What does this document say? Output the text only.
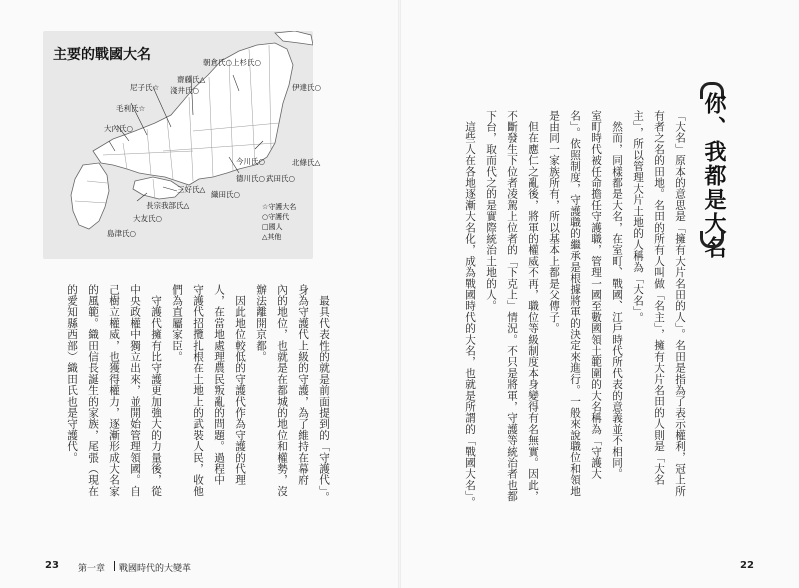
主要的戰國大名	朝倉氏○ 上杉氏○
齋藤氏△
淺井氏○
尼子氏☆	伊達氏○
毛利氏☆
大內氏○
今川氏○	北條氏△
德川氏○ 武田氏○
三好氏△
織田氏○
長宗我部氏△
大友氏○
島津氏○
☆守護大名
○守護代
□國人
△其他
　最具代表性的就是前面提到的「守護代」。
身為守護代上級的守護，為了維持在幕府
內的地位，也就是在都城的地位和權勢，沒
辦法離開京都。
　因此地位較低的守護代作為守護的代理
人，在當地處理農民叛亂的問題。過程中
守護代招攬扎根在土地上的武裝人民，收他
們為直屬家臣。
　守護代擁有比守護更加強大的力量後，從
中央政權中獨立出來，並開始管理領國。自
己樹立權威，也獲得權力，逐漸形成大名家
的風範。織田信長誕生的家族，尾張（現在
的愛知縣西部）織田氏也是守護代。
你、我都是大名
「大名」原本的意思是「擁有大片名田的人」。名田是指為了表示權利，冠上所
有者之名的田地。名田的所有人叫做「名主」，擁有大片名田的人則是「大名
主」，所以管理大片土地的人稱為「大名」。
　然而，同樣都是大名，在室町、戰國、江戶時代所代表的意義並不相同。
室町時代被任命擔任守護職，管理一國至數國領土範圍的大名稱為「守護大
名」。依照制度，守護職的繼承是根據將軍的決定來進行。一般來說職位和領地
是由同一家族所有，所以基本上都是父傳子。
　但在應仁之亂後，將軍的權威不再，職位等級制度本身變得有名無實。因此，
不斷發生下位者凌駕上位者的「下克上」情況。不只是將軍，守護等統治者也都
下台，取而代之的是實際統治土地的人。
　這些人在各地逐漸大名化，成為戰國時代的大名，也就是所謂的「戰國大名」。
23 第一章 戰國時代的大變革	22
